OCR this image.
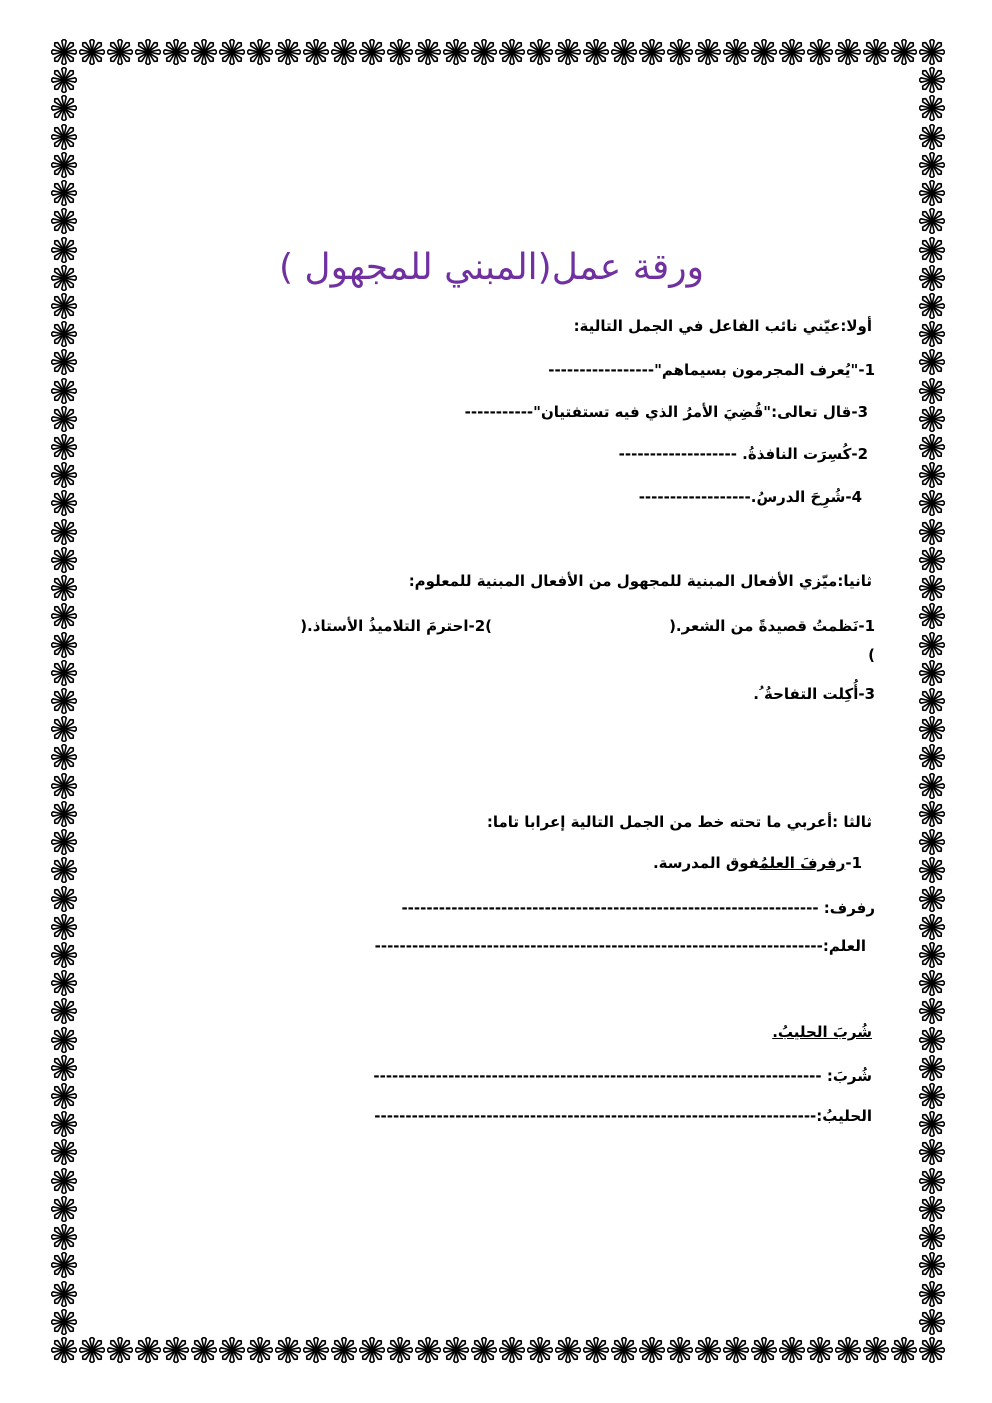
ورقة عمل(المبني للمجهول )
أولا:عيّني نائب الفاعل في الجمل التالية:
1-"يُعرف المجرمون بسيماهم"-----------------
3-قال تعالى:"قُضِيَ الأمرُ الذي فيه تستفتيان"-----------
2-كُسِرَت النافذةُ. -------------------
4-شُرِحَ الدرسُ.------------------
ثانيا:ميّزي الأفعال المبنية للمجهول من الأفعال المبنية للمعلوم:
1-نَظمتُ قصيدةً من الشعر.(
)2-احترمَ التلاميذُ الأستاذ.(
)
3-أُكِلت التفاحةُ ُ.
ثالثا :أعربي ما تحته خط من الجمل التالية إعرابا تاما:
1-رفرفَ العلمُفوق المدرسة.
رفرف: -------------------------------------------------------------------
العلم:------------------------------------------------------------------------
شُربَ الحليبُ.
شُربَ: ------------------------------------------------------------------------
الحليبُ:-----------------------------------------------------------------------
